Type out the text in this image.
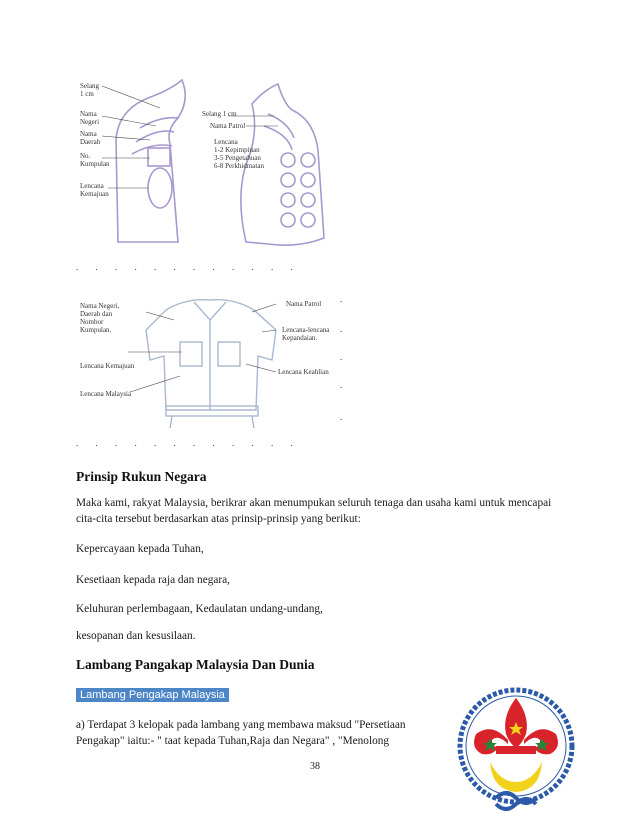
Selang
1 cm
Nama
Negeri
Nama
Daerah
No.
Kumpulan
Lencana
Kemajuan
Selang 1 cm
Nama Patrol
Lencana
1-2 Kepimpinan
3-5 Pengetahuan
6-8 Perkhidmatan
. . . . . . . . . . . .
Nama Negeri,
Daerah dan
Nombor
Kumpulan.
Lencana Kemajuan
Lencana Malaysia
Nama Patrol
Lencana-lencana
Kepandaian.
Lencana Keahlian
.
.
.
.
.
. . . . . . . . . . . .
Prinsip Rukun Negara
Maka kami, rakyat Malaysia, berikrar akan menumpukan seluruh tenaga dan usaha kami untuk mencapai cita-cita tersebut berdasarkan atas prinsip-prinsip yang berikut:
Kepercayaan kepada Tuhan,
Kesetiaan kepada raja dan negara,
Keluhuran perlembagaan, Kedaulatan undang-undang,
kesopanan dan kesusilaan.
Lambang Pangakap Malaysia Dan Dunia
Lambang Pengakap Malaysia
a) Terdapat 3 kelopak pada lambang yang membawa maksud "Persetiaan Pengakap" iaitu:- " taat kepada Tuhan,Raja dan Negara" , "Menolong
38
